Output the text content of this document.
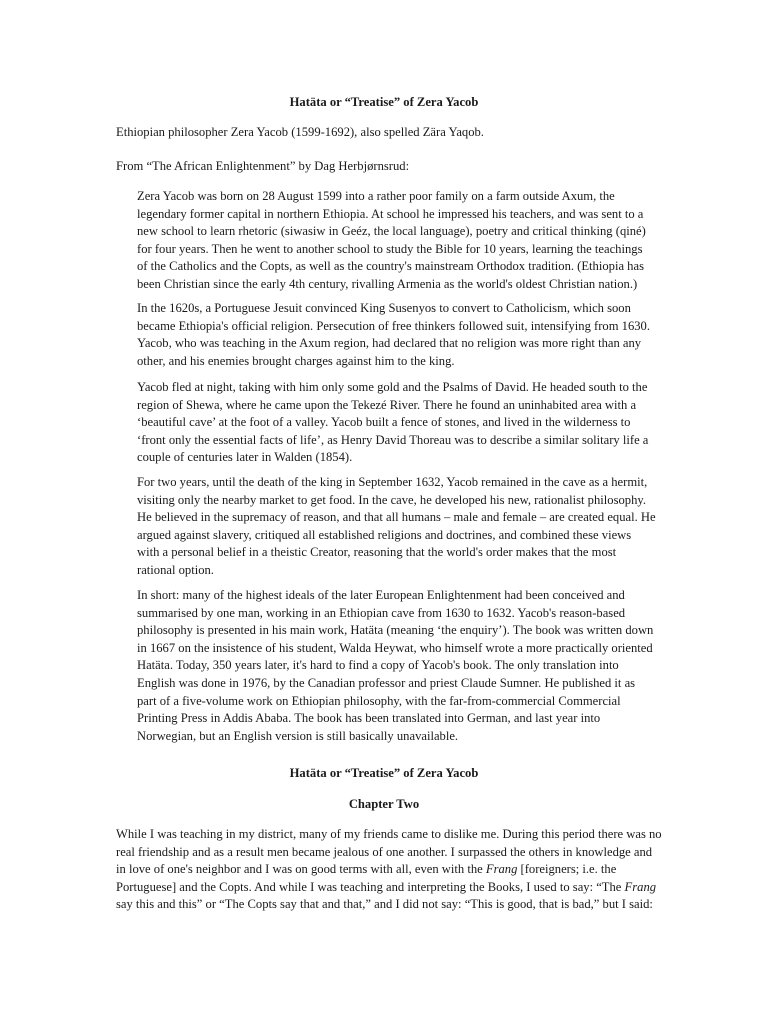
Hatäta or “Treatise” of Zera Yacob

Ethiopian philosopher Zera Yacob (1599-1692), also spelled Zära Yaqob.

From “The African Enlightenment” by Dag Herbjørnsrud:

Zera Yacob was born on 28 August 1599 into a rather poor family on a farm outside Axum, the legendary former capital in northern Ethiopia. At school he impressed his teachers, and was sent to a new school to learn rhetoric (siwasiw in Geéz, the local language), poetry and critical thinking (qiné) for four years. Then he went to another school to study the Bible for 10 years, learning the teachings of the Catholics and the Copts, as well as the country's mainstream Orthodox tradition. (Ethiopia has been Christian since the early 4th century, rivalling Armenia as the world's oldest Christian nation.)

In the 1620s, a Portuguese Jesuit convinced King Susenyos to convert to Catholicism, which soon became Ethiopia's official religion. Persecution of free thinkers followed suit, intensifying from 1630. Yacob, who was teaching in the Axum region, had declared that no religion was more right than any other, and his enemies brought charges against him to the king.

Yacob fled at night, taking with him only some gold and the Psalms of David. He headed south to the region of Shewa, where he came upon the Tekezé River. There he found an uninhabited area with a ‘beautiful cave’ at the foot of a valley. Yacob built a fence of stones, and lived in the wilderness to ‘front only the essential facts of life’, as Henry David Thoreau was to describe a similar solitary life a couple of centuries later in Walden (1854).

For two years, until the death of the king in September 1632, Yacob remained in the cave as a hermit, visiting only the nearby market to get food. In the cave, he developed his new, rationalist philosophy. He believed in the supremacy of reason, and that all humans – male and female – are created equal. He argued against slavery, critiqued all established religions and doctrines, and combined these views with a personal belief in a theistic Creator, reasoning that the world's order makes that the most rational option.

In short: many of the highest ideals of the later European Enlightenment had been conceived and summarised by one man, working in an Ethiopian cave from 1630 to 1632. Yacob's reason-based philosophy is presented in his main work, Hatäta (meaning ‘the enquiry’). The book was written down in 1667 on the insistence of his student, Walda Heywat, who himself wrote a more practically oriented Hatäta. Today, 350 years later, it's hard to find a copy of Yacob's book. The only translation into English was done in 1976, by the Canadian professor and priest Claude Sumner. He published it as part of a five-volume work on Ethiopian philosophy, with the far-from-commercial Commercial Printing Press in Addis Ababa. The book has been translated into German, and last year into Norwegian, but an English version is still basically unavailable.

Hatäta or “Treatise” of Zera Yacob
Chapter Two

While I was teaching in my district, many of my friends came to dislike me. During this period there was no real friendship and as a result men became jealous of one another. I surpassed the others in knowledge and in love of one's neighbor and I was on good terms with all, even with the Frang [foreigners; i.e. the Portuguese] and the Copts. And while I was teaching and interpreting the Books, I used to say: “The Frang say this and this” or “The Copts say that and that,” and I did not say: “This is good, that is bad,” but I said:
